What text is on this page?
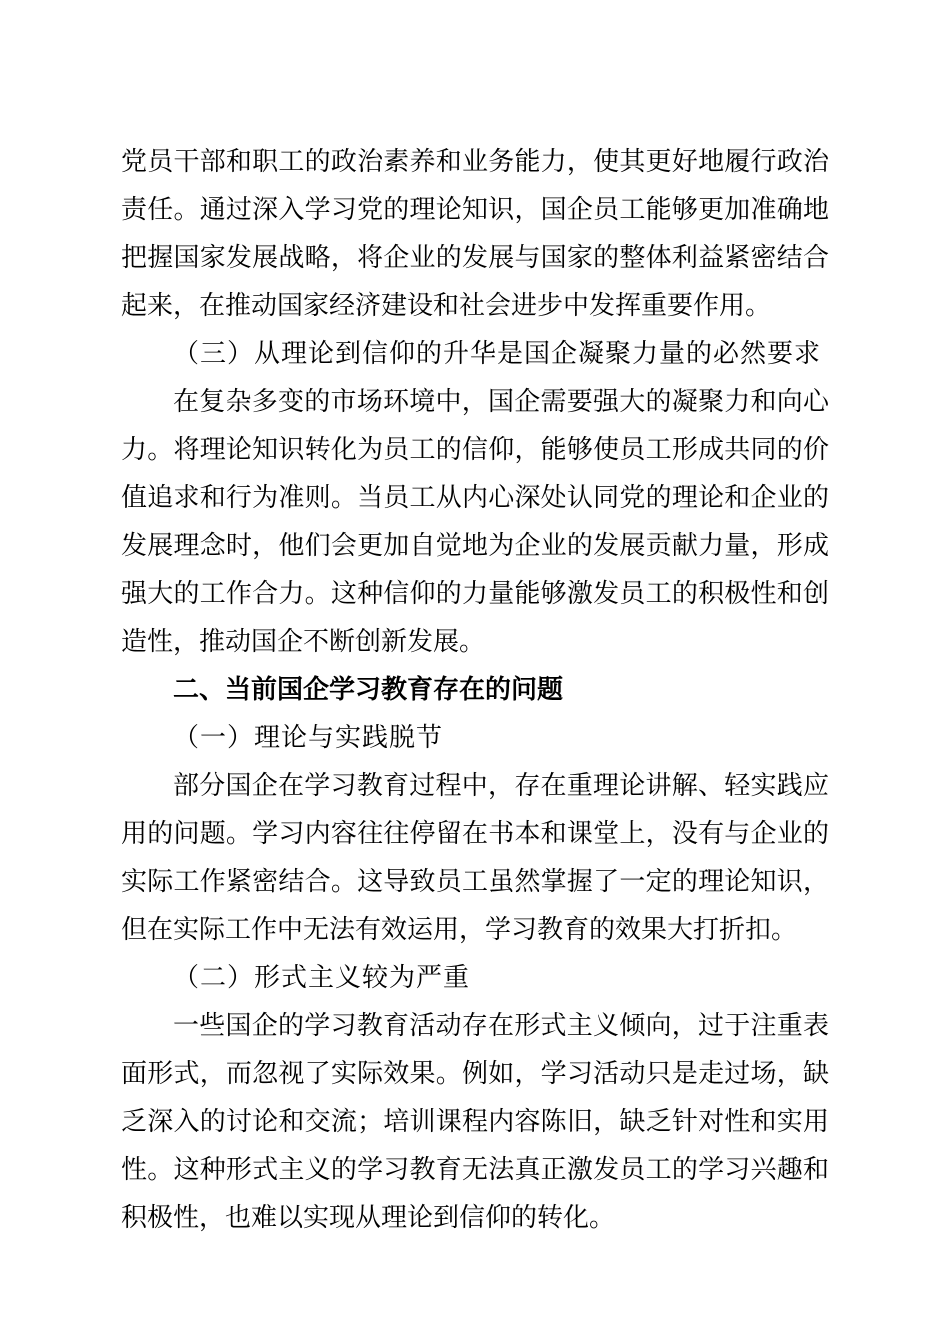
党员干部和职工的政治素养和业务能力，使其更好地履行政治责任。通过深入学习党的理论知识，国企员工能够更加准确地把握国家发展战略，将企业的发展与国家的整体利益紧密结合起来，在推动国家经济建设和社会进步中发挥重要作用。

（三）从理论到信仰的升华是国企凝聚力量的必然要求

在复杂多变的市场环境中，国企需要强大的凝聚力和向心力。将理论知识转化为员工的信仰，能够使员工形成共同的价值追求和行为准则。当员工从内心深处认同党的理论和企业的发展理念时，他们会更加自觉地为企业的发展贡献力量，形成强大的工作合力。这种信仰的力量能够激发员工的积极性和创造性，推动国企不断创新发展。

二、当前国企学习教育存在的问题

（一）理论与实践脱节

部分国企在学习教育过程中，存在重理论讲解、轻实践应用的问题。学习内容往往停留在书本和课堂上，没有与企业的实际工作紧密结合。这导致员工虽然掌握了一定的理论知识，但在实际工作中无法有效运用，学习教育的效果大打折扣。

（二）形式主义较为严重

一些国企的学习教育活动存在形式主义倾向，过于注重表面形式，而忽视了实际效果。例如，学习活动只是走过场，缺乏深入的讨论和交流；培训课程内容陈旧，缺乏针对性和实用性。这种形式主义的学习教育无法真正激发员工的学习兴趣和积极性，也难以实现从理论到信仰的转化。
